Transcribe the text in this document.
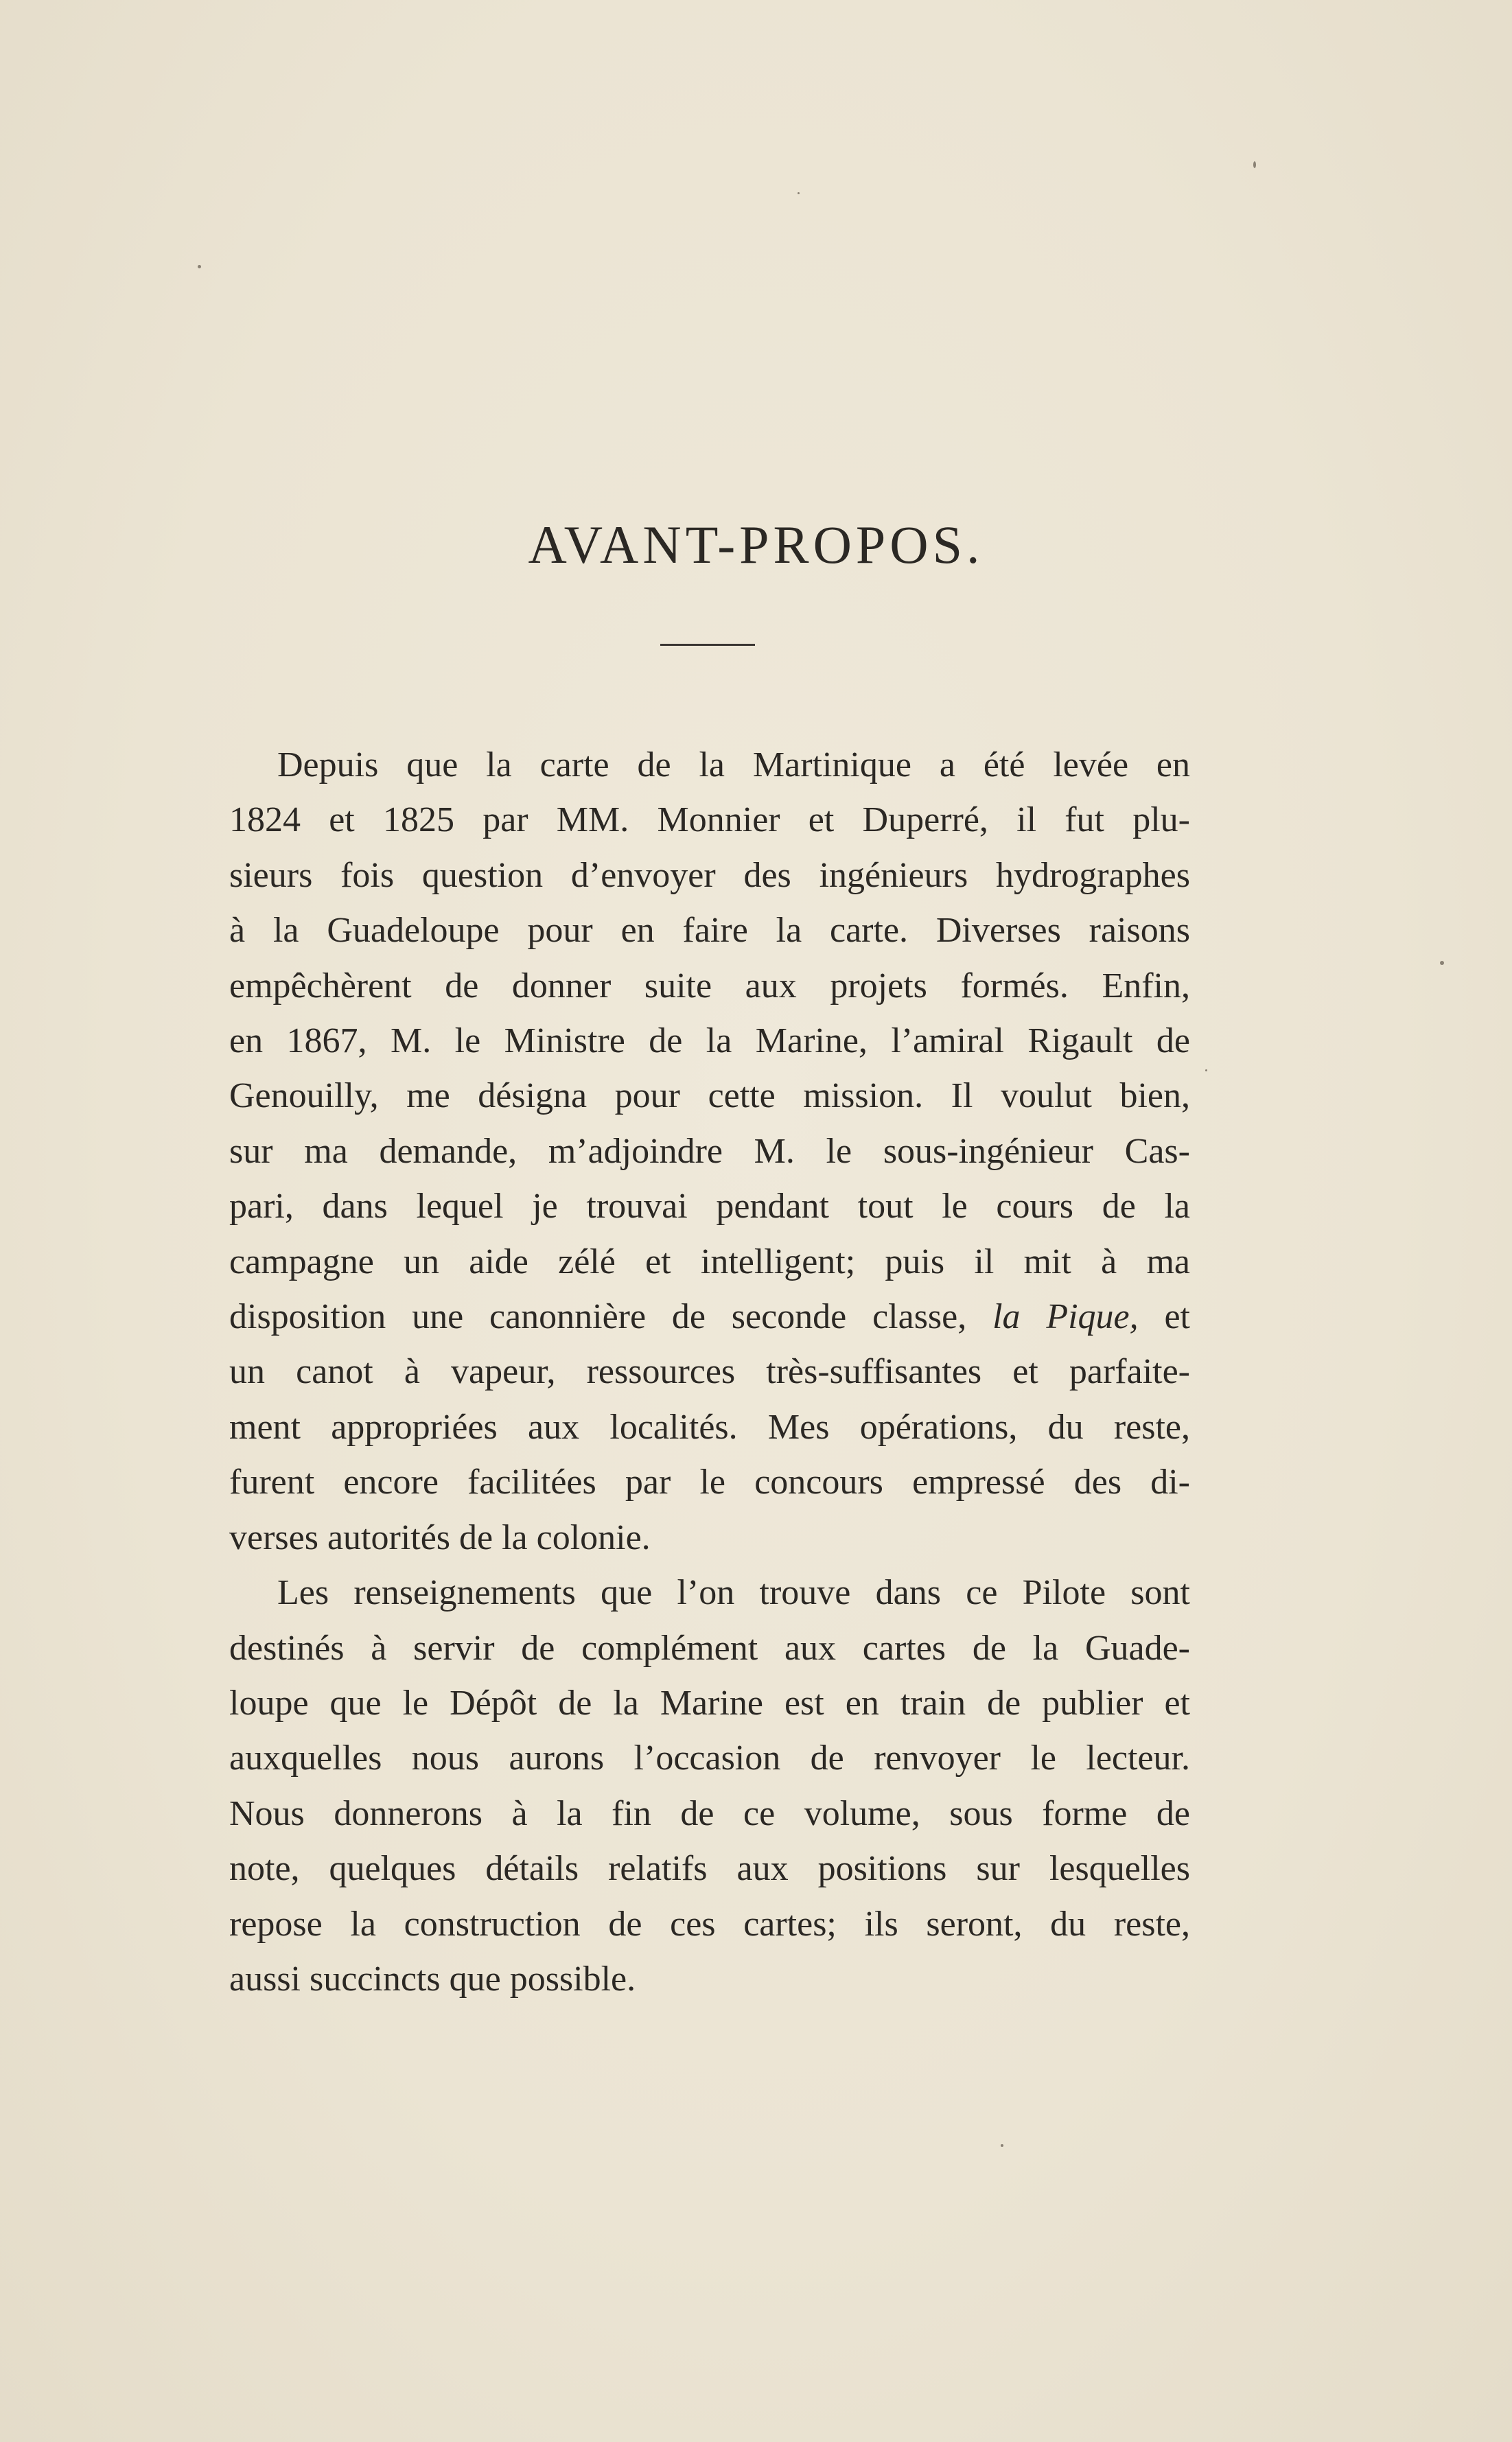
AVANT-PROPOS.

Depuis que la carte de la Martinique a été levée en
1824 et 1825 par MM. Monnier et Duperré, il fut plu-
sieurs fois question d’envoyer des ingénieurs hydrographes
à la Guadeloupe pour en faire la carte. Diverses raisons
empêchèrent de donner suite aux projets formés. Enfin,
en 1867, M. le Ministre de la Marine, l’amiral Rigault de
Genouilly, me désigna pour cette mission. Il voulut bien,
sur ma demande, m’adjoindre M. le sous-ingénieur Cas-
pari, dans lequel je trouvai pendant tout le cours de la
campagne un aide zélé et intelligent; puis il mit à ma
disposition une canonnière de seconde classe, la Pique, et
un canot à vapeur, ressources très-suffisantes et parfaite-
ment appropriées aux localités. Mes opérations, du reste,
furent encore facilitées par le concours empressé des di-
verses autorités de la colonie.

Les renseignements que l’on trouve dans ce Pilote sont
destinés à servir de complément aux cartes de la Guade-
loupe que le Dépôt de la Marine est en train de publier et
auxquelles nous aurons l’occasion de renvoyer le lecteur.
Nous donnerons à la fin de ce volume, sous forme de
note, quelques détails relatifs aux positions sur lesquelles
repose la construction de ces cartes; ils seront, du reste,
aussi succincts que possible.
